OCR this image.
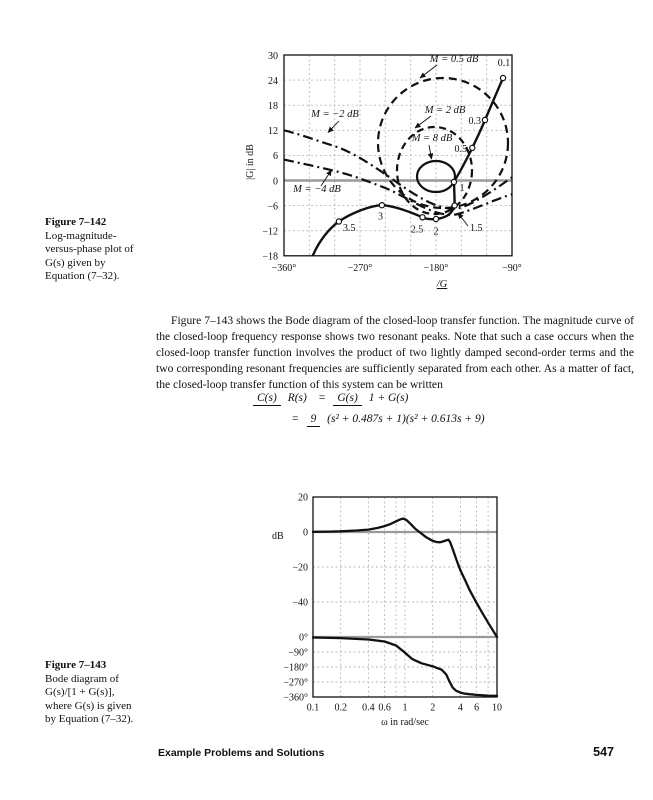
30
24
18
12
6
0
−6
−12
−18
−360°	−270°	−180°	−90°
|G| in dB
/G
M = 0.5 dB
M = 2 dB
M = 8 dB
M = −2 dB
M = −4 dB
0.1
0.3
0.5
1
1.5
2
2.5
3
3.5
Figure 7–142
Log-magnitude-
versus-phase plot of
G(s) given by
Equation (7–32).
Figure 7–143 shows the Bode diagram of the closed-loop transfer function. The magnitude curve of the closed-loop frequency response shows two resonant peaks. Note that such a case occurs when the closed-loop transfer function involves the product of two lightly damped second-order terms and the two corresponding resonant frequencies are sufficiently separated from each other. As a matter of fact, the closed-loop transfer function of this system can be written
C(s) R(s)	=	G(s) 1 + G(s)
=	9 (s² + 0.487s + 1)(s² + 0.613s + 9)
20
0
−20
−40
0°
−90°
−180°
−270°
−360°
dB
0.1 0.2 0.4 0.6 1 2 4 6 10
ω in rad/sec
Figure 7–143
Bode diagram of
G(s)/[1 + G(s)],
where G(s) is given
by Equation (7–32).
Example Problems and Solutions	547
